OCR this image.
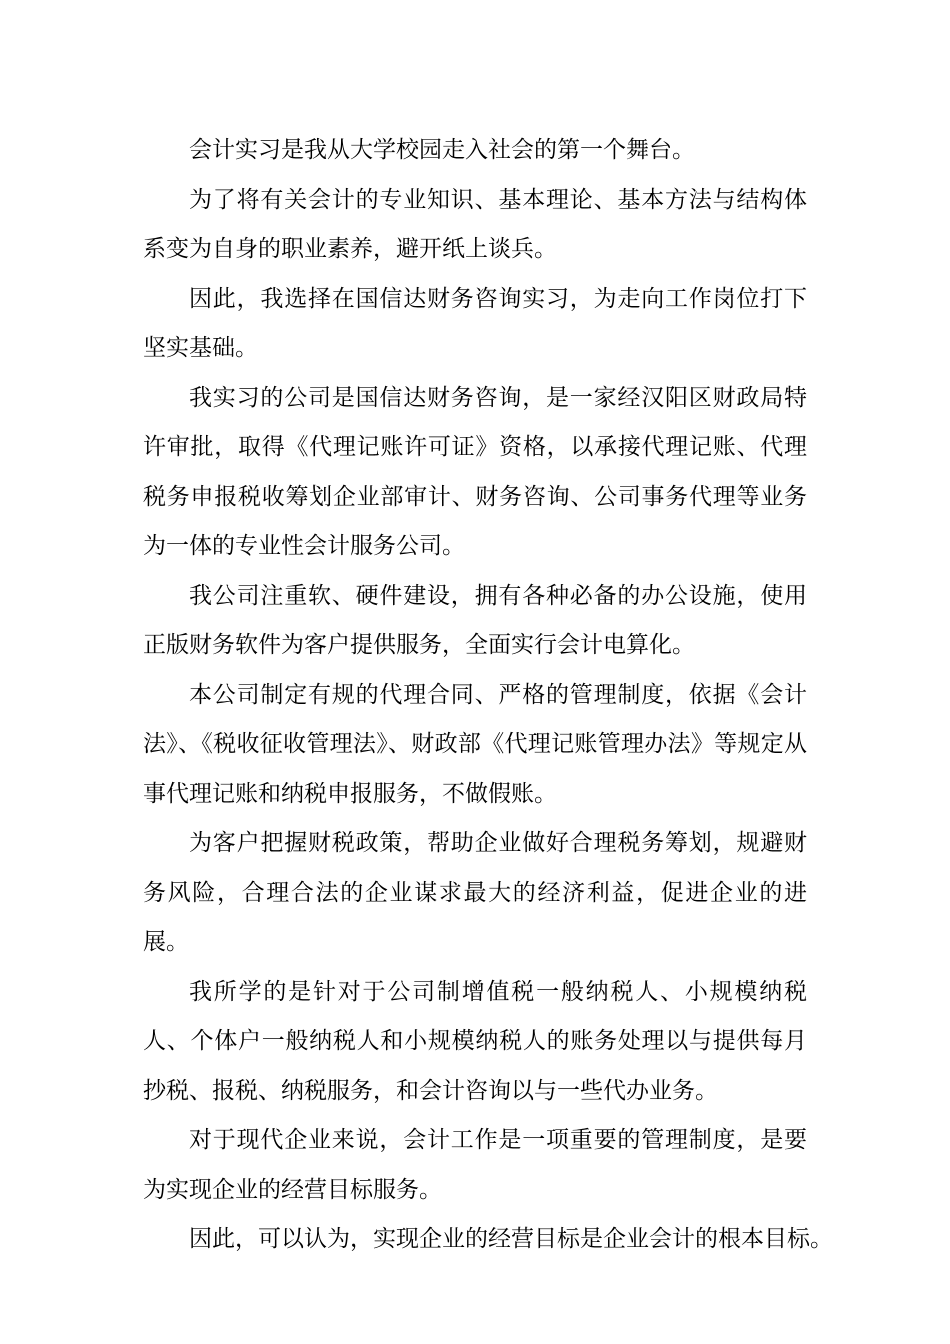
会计实习是我从大学校园走入社会的第一个舞台。

为了将有关会计的专业知识、基本理论、基本方法与结构体系变为自身的职业素养，避开纸上谈兵。

因此，我选择在国信达财务咨询实习，为走向工作岗位打下坚实基础。

我实习的公司是国信达财务咨询，是一家经汉阳区财政局特许审批，取得《代理记账许可证》资格，以承接代理记账、代理税务申报税收筹划企业部审计、财务咨询、公司事务代理等业务为一体的专业性会计服务公司。

我公司注重软、硬件建设，拥有各种必备的办公设施，使用正版财务软件为客户提供服务，全面实行会计电算化。

本公司制定有规的代理合同、严格的管理制度，依据《会计法》、《税收征收管理法》、财政部《代理记账管理办法》等规定从事代理记账和纳税申报服务，不做假账。

为客户把握财税政策，帮助企业做好合理税务筹划，规避财务风险，合理合法的企业谋求最大的经济利益，促进企业的进展。

我所学的是针对于公司制增值税一般纳税人、小规模纳税人、个体户一般纳税人和小规模纳税人的账务处理以与提供每月抄税、报税、纳税服务，和会计咨询以与一些代办业务。

对于现代企业来说，会计工作是一项重要的管理制度，是要为实现企业的经营目标服务。

因此，可以认为，实现企业的经营目标是企业会计的根本目标。
